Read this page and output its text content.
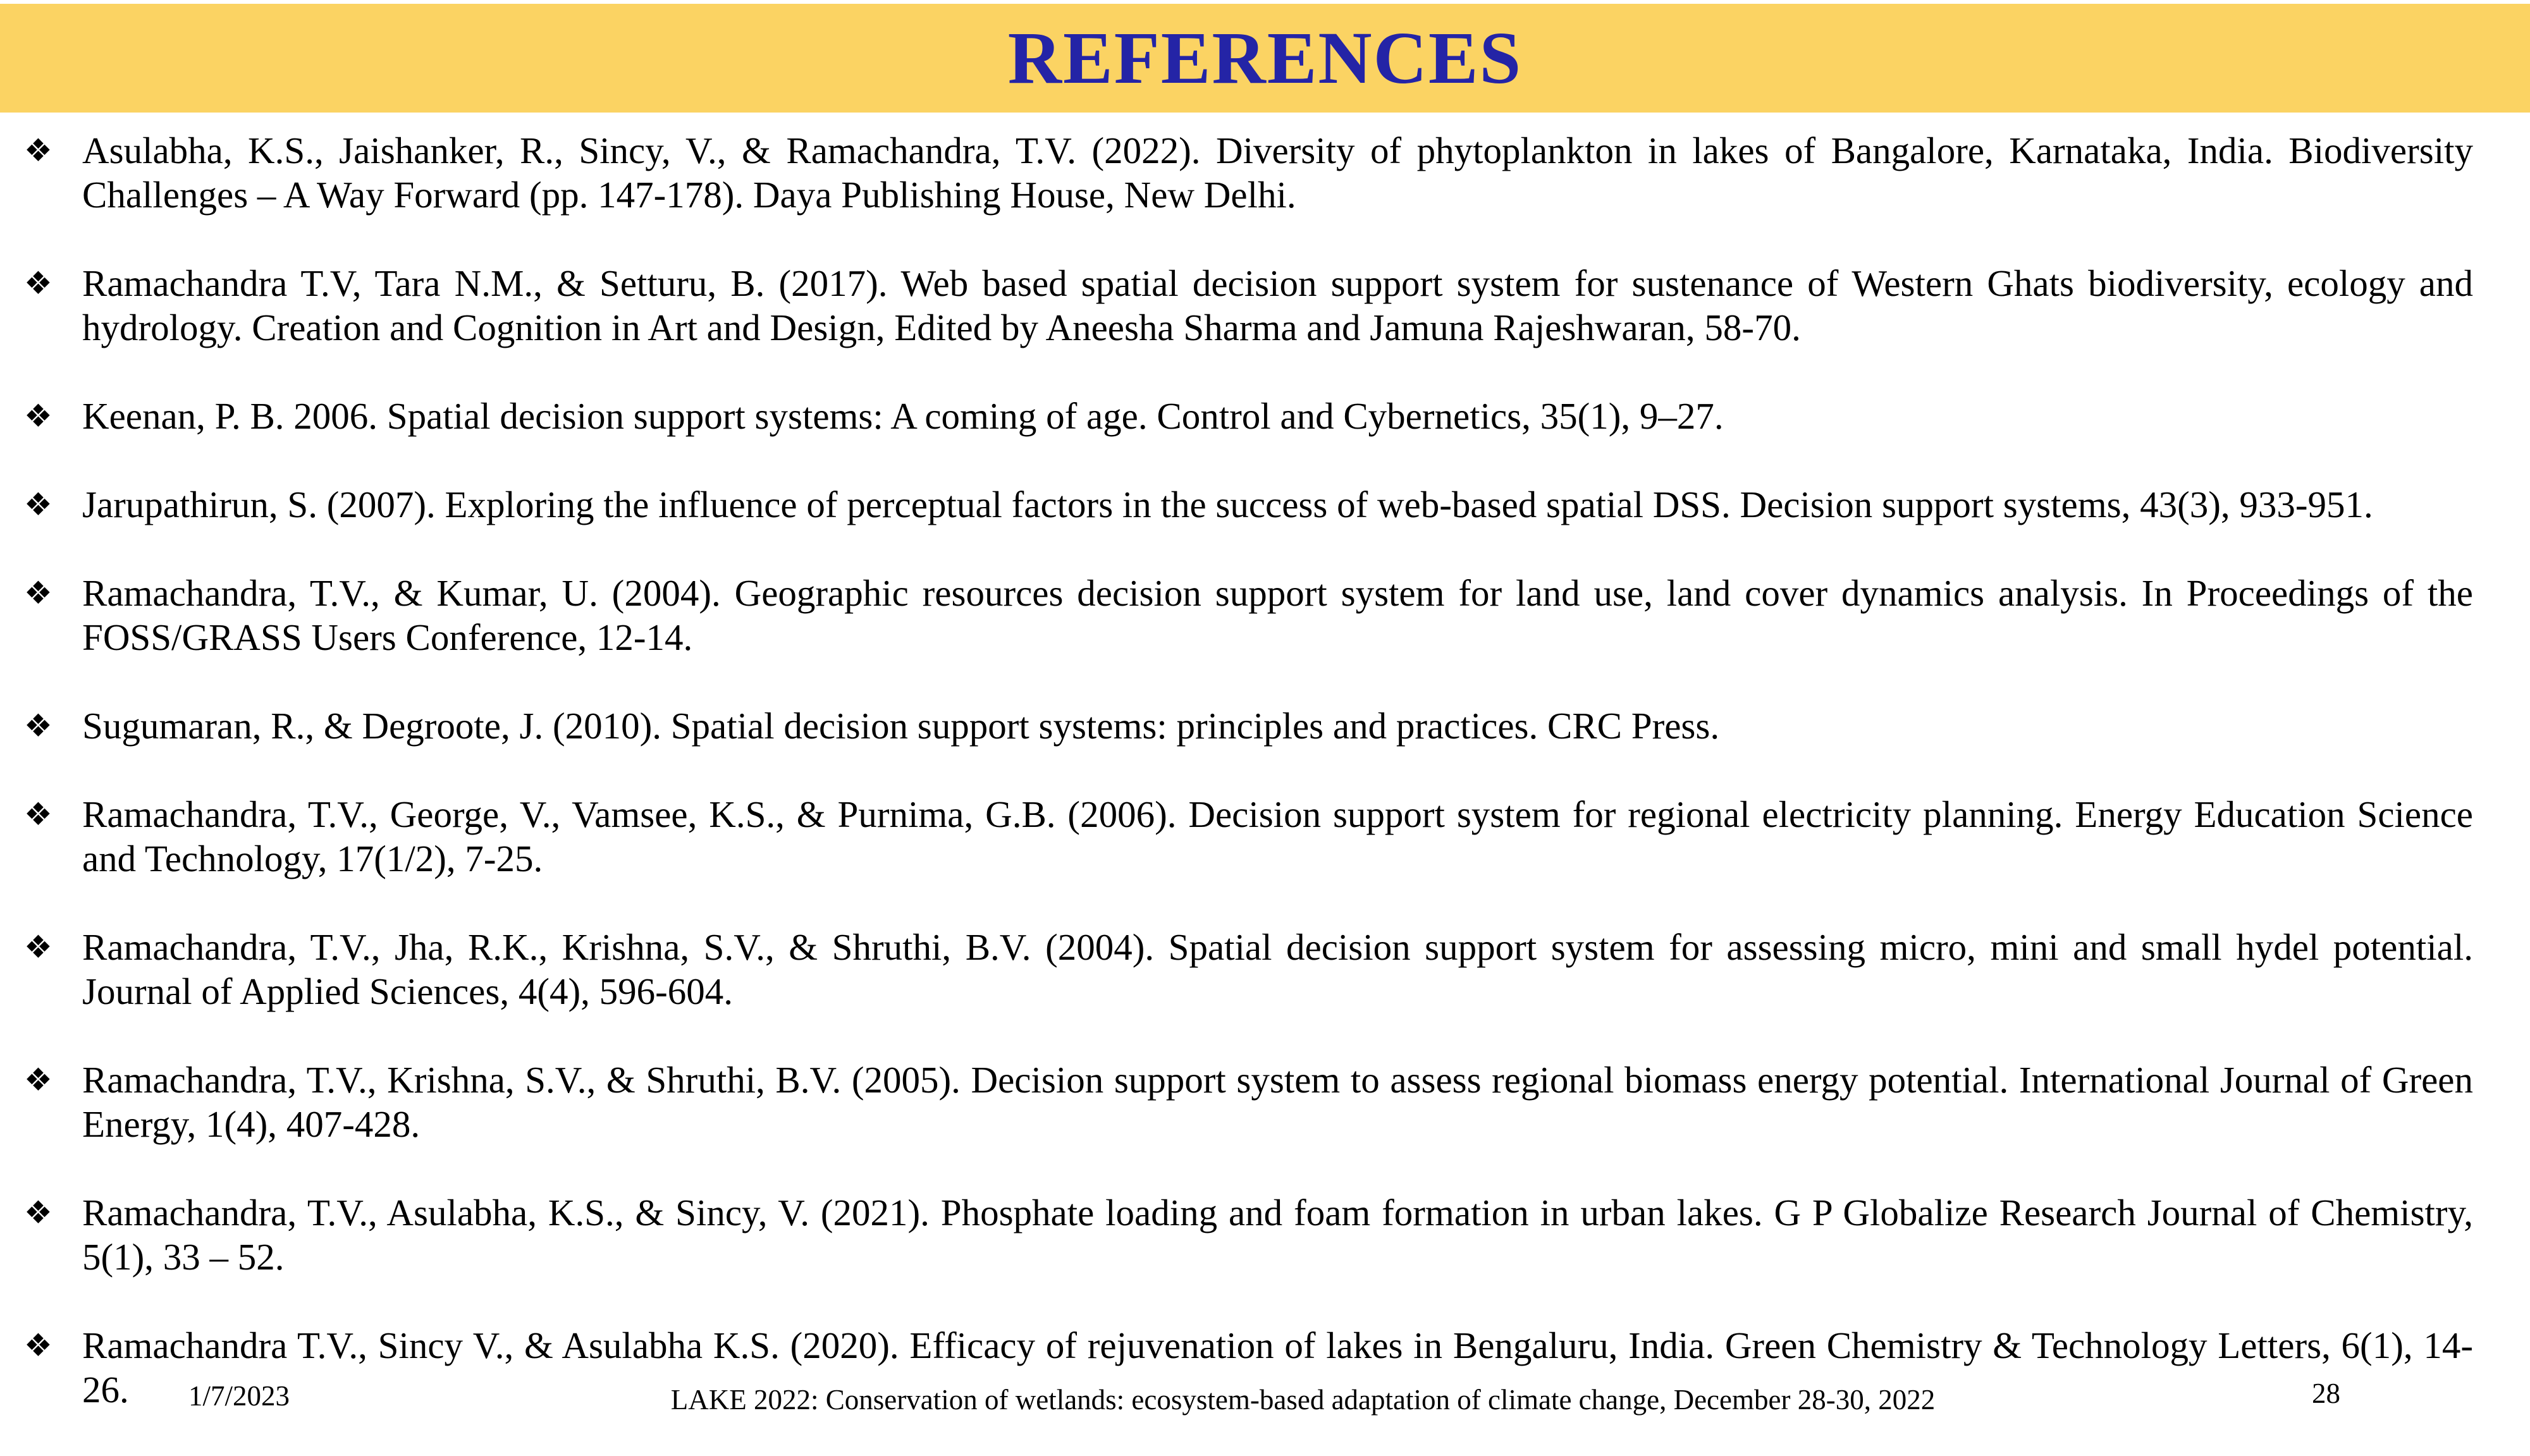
REFERENCES
❖ Asulabha, K.S., Jaishanker, R., Sincy, V., & Ramachandra, T.V. (2022). Diversity of phytoplankton in lakes of Bangalore, Karnataka, India. Biodiversity Challenges – A Way Forward (pp. 147-178). Daya Publishing House, New Delhi.
❖ Ramachandra T.V, Tara N.M., & Setturu, B. (2017). Web based spatial decision support system for sustenance of Western Ghats biodiversity, ecology and hydrology. Creation and Cognition in Art and Design, Edited by Aneesha Sharma and Jamuna Rajeshwaran, 58-70.
❖ Keenan, P. B. 2006. Spatial decision support systems: A coming of age. Control and Cybernetics, 35(1), 9–27.
❖ Jarupathirun, S. (2007). Exploring the influence of perceptual factors in the success of web-based spatial DSS. Decision support systems, 43(3), 933-951.
❖ Ramachandra, T.V., & Kumar, U. (2004). Geographic resources decision support system for land use, land cover dynamics analysis. In Proceedings of the FOSS/GRASS Users Conference, 12-14.
❖ Sugumaran, R., & Degroote, J. (2010). Spatial decision support systems: principles and practices. CRC Press.
❖ Ramachandra, T.V., George, V., Vamsee, K.S., & Purnima, G.B. (2006). Decision support system for regional electricity planning. Energy Education Science and Technology, 17(1/2), 7-25.
❖ Ramachandra, T.V., Jha, R.K., Krishna, S.V., & Shruthi, B.V. (2004). Spatial decision support system for assessing micro, mini and small hydel potential. Journal of Applied Sciences, 4(4), 596-604.
❖ Ramachandra, T.V., Krishna, S.V., & Shruthi, B.V. (2005). Decision support system to assess regional biomass energy potential. International Journal of Green Energy, 1(4), 407-428.
❖ Ramachandra, T.V., Asulabha, K.S., & Sincy, V. (2021). Phosphate loading and foam formation in urban lakes. G P Globalize Research Journal of Chemistry, 5(1), 33 – 52.
❖ Ramachandra T.V., Sincy V., & Asulabha K.S. (2020). Efficacy of rejuvenation of lakes in Bengaluru, India. Green Chemistry & Technology Letters, 6(1), 14-26.	1/7/2023	LAKE 2022: Conservation of wetlands: ecosystem-based adaptation of climate change, December 28-30, 2022	28
